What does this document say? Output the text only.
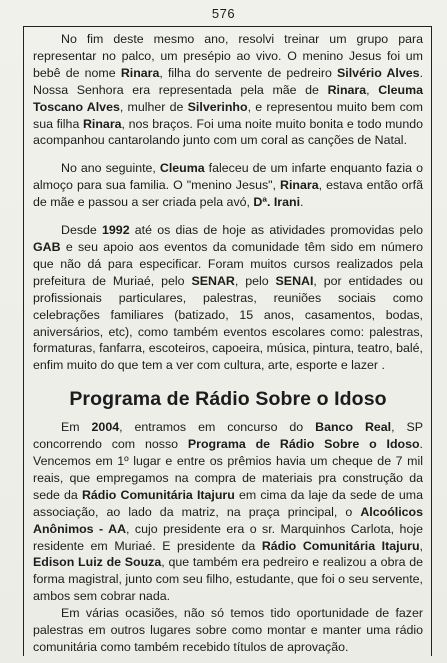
576

No fim deste mesmo ano, resolvi treinar um grupo para representar no palco, um presépio ao vivo. O menino Jesus foi um bebê de nome Rinara, filha do servente de pedreiro Silvério Alves. Nossa Senhora era representada pela mãe de Rinara, Cleuma Toscano Alves, mulher de Silverinho, e representou muito bem com sua filha Rinara, nos braços. Foi uma noite muito bonita e todo mundo acompanhou cantarolando junto com um coral as canções de Natal.

No ano seguinte, Cleuma faleceu de um infarte enquanto fazia o almoço para sua familia. O "menino Jesus", Rinara, estava então orfã de mãe e passou a ser criada pela avó, Dª. Irani.

Desde 1992 até os dias de hoje as atividades promovidas pelo GAB e seu apoio aos eventos da comunidade têm sido em número que não dá para especificar. Foram muitos cursos realizados pela prefeitura de Muriaé, pelo SENAR, pelo SENAI, por entidades ou profissionais particulares, palestras, reuniões sociais como celebrações familiares (batizado, 15 anos, casamentos, bodas, aniversários, etc), como também eventos escolares como: palestras, formaturas, fanfarra, escoteiros, capoeira, música, pintura, teatro, balé, enfim muito do que tem a ver com cultura, arte, esporte e lazer .

Programa de Rádio Sobre o Idoso

Em 2004, entramos em concurso do Banco Real, SP concorrendo com nosso Programa de Rádio Sobre o Idoso. Vencemos em 1º lugar e entre os prêmios havia um cheque de 7 mil reais, que empregamos na compra de materiais pra construção da sede da Rádio Comunitária Itajuru em cima da laje da sede de uma associação, ao lado da matriz, na praça principal, o Alcoólicos Anônimos - AA, cujo presidente era o sr. Marquinhos Carlota, hoje residente em Muriaé. E presidente da Rádio Comunitária Itajuru, Edison Luiz de Souza, que também era pedreiro e realizou a obra de forma magistral, junto com seu filho, estudante, que foi o seu servente, ambos sem cobrar nada.

Em várias ocasiões, não só temos tido oportunidade de fazer palestras em outros lugares sobre como montar e manter uma rádio comunitária como também recebido títulos de aprovação.
